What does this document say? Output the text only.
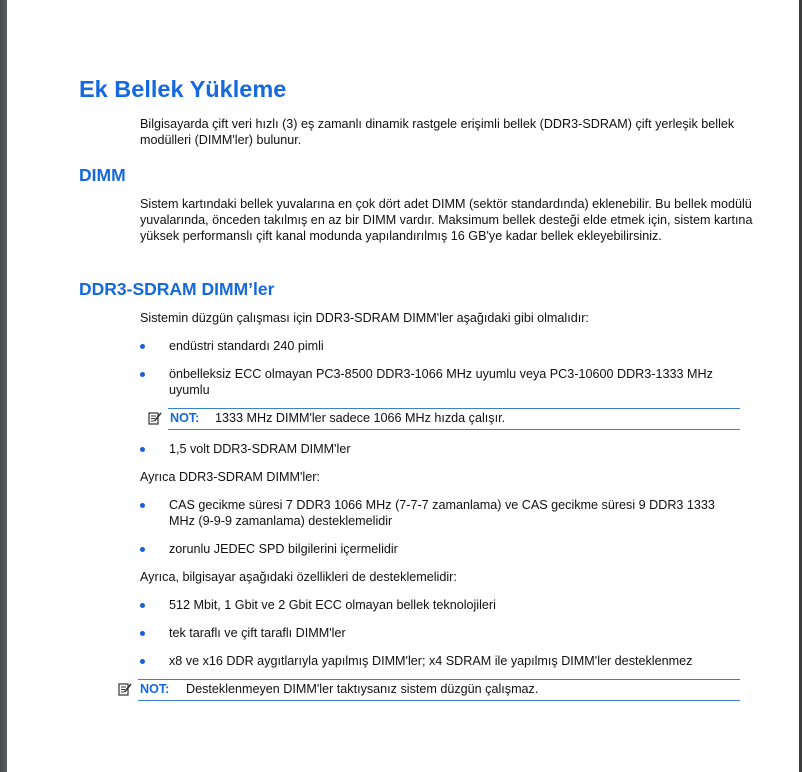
Ek Bellek Yükleme

Bilgisayarda çift veri hızlı (3) eş zamanlı dinamik rastgele erişimli bellek (DDR3-SDRAM) çift yerleşik bellek modülleri (DIMM'ler) bulunur.

DIMM

Sistem kartındaki bellek yuvalarına en çok dört adet DIMM (sektör standardında) eklenebilir. Bu bellek modülü yuvalarında, önceden takılmış en az bir DIMM vardır. Maksimum bellek desteği elde etmek için, sistem kartına yüksek performanslı çift kanal modunda yapılandırılmış 16 GB'ye kadar bellek ekleyebilirsiniz.

DDR3-SDRAM DIMM’ler

Sistemin düzgün çalışması için DDR3-SDRAM DIMM'ler aşağıdaki gibi olmalıdır:

endüstri standardı 240 pimli
önbelleksiz ECC olmayan PC3-8500 DDR3-1066 MHz uyumlu veya PC3-10600 DDR3-1333 MHz uyumlu
NOT: 1333 MHz DIMM'ler sadece 1066 MHz hızda çalışır.
1,5 volt DDR3-SDRAM DIMM'ler

Ayrıca DDR3-SDRAM DIMM'ler:

CAS gecikme süresi 7 DDR3 1066 MHz (7-7-7 zamanlama) ve CAS gecikme süresi 9 DDR3 1333 MHz (9-9-9 zamanlama) desteklemelidir
zorunlu JEDEC SPD bilgilerini içermelidir

Ayrıca, bilgisayar aşağıdaki özellikleri de desteklemelidir:

512 Mbit, 1 Gbit ve 2 Gbit ECC olmayan bellek teknolojileri
tek taraflı ve çift taraflı DIMM'ler
x8 ve x16 DDR aygıtlarıyla yapılmış DIMM'ler; x4 SDRAM ile yapılmış DIMM'ler desteklenmez
NOT: Desteklenmeyen DIMM'ler taktıysanız sistem düzgün çalışmaz.
